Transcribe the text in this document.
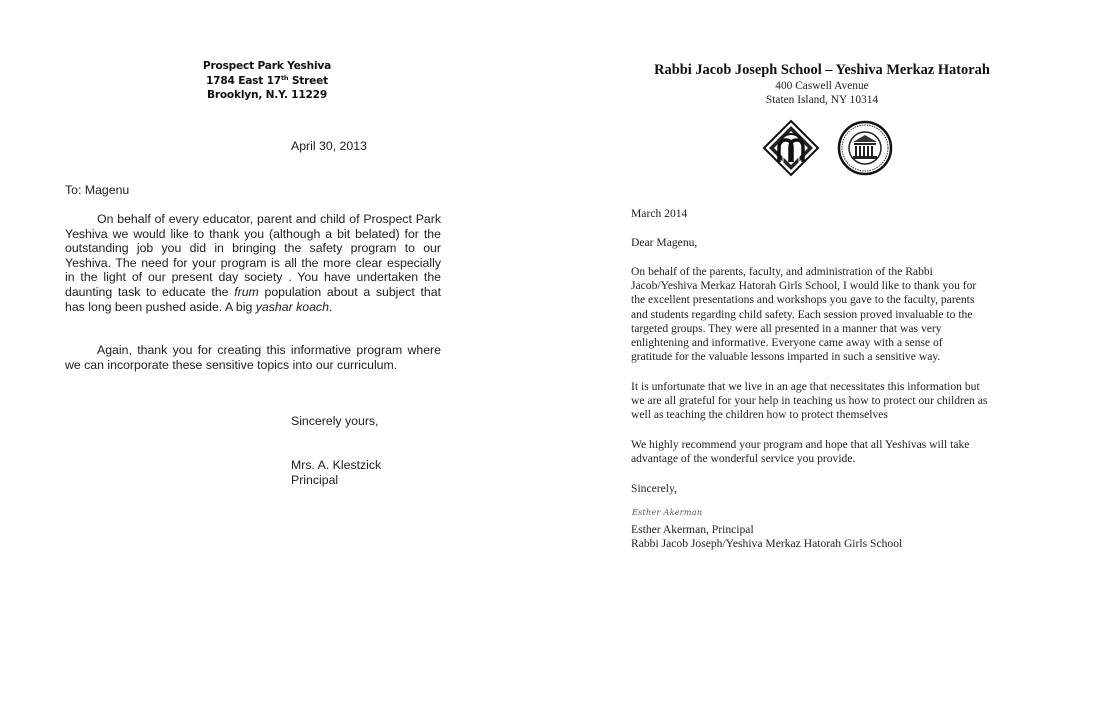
Prospect Park Yeshiva
1784 East 17th Street
Brooklyn, N.Y. 11229
April 30, 2013
To: Magenu
On behalf of every educator, parent and child of Prospect Park
Yeshiva we would like to thank you (although a bit belated) for the
outstanding job you did in bringing the safety program to our
Yeshiva. The need for your program is all the more clear especially
in the light of our present day society . You have undertaken the
daunting task to educate the frum population about a subject that
has long been pushed aside. A big yashar koach.
Again, thank you for creating this informative program where
we can incorporate these sensitive topics into our curriculum.
Sincerely yours,
Mrs. A. Klestzick
Principal
Rabbi Jacob Joseph School – Yeshiva Merkaz Hatorah
400 Caswell Avenue
Staten Island, NY 10314
March 2014
Dear Magenu,
On behalf of the parents, faculty, and administration of the Rabbi
Jacob/Yeshiva Merkaz Hatorah Girls School, I would like to thank you for
the excellent presentations and workshops you gave to the faculty, parents
and students regarding child safety. Each session proved invaluable to the
targeted groups. They were all presented in a manner that was very
enlightening and informative. Everyone came away with a sense of
gratitude for the valuable lessons imparted in such a sensitive way.
It is unfortunate that we live in an age that necessitates this information but
we are all grateful for your help in teaching us how to protect our children as
well as teaching the children how to protect themselves
We highly recommend your program and hope that all Yeshivas will take
advantage of the wonderful service you provide.
Sincerely,
Esther Akerman
Esther Akerman, Principal
Rabbi Jacob Joseph/Yeshiva Merkaz Hatorah Girls School
